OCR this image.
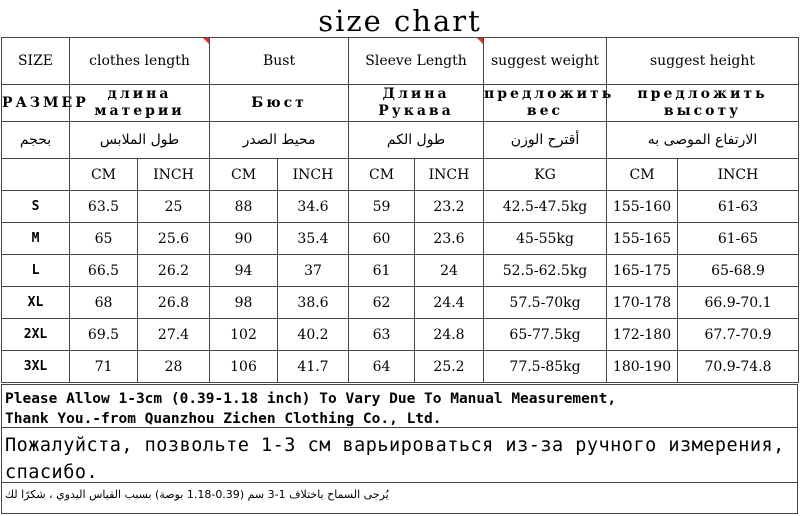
size chart
SIZE	clothes length		Bust		Sleeve Length		suggest weight	suggest height	
РАЗМЕР	длина материи		Бюст		Длина Рукава		предложить вес	предложить высоту	
بحجم	طول الملابس		محيط الصدر		طول الكم		أقترح الوزن	الارتفاع الموصى به	
	CM	INCH	CM	INCH	CM	INCH	KG	CM	INCH
S	63.5	25	88	34.6	59	23.2	42.5-47.5kg	155-160	61-63
M	65	25.6	90	35.4	60	23.6	45-55kg	155-165	61-65
L	66.5	26.2	94	37	61	24	52.5-62.5kg	165-175	65-68.9
XL	68	26.8	98	38.6	62	24.4	57.5-70kg	170-178	66.9-70.1
2XL	69.5	27.4	102	40.2	63	24.8	65-77.5kg	172-180	67.7-70.9
3XL	71	28	106	41.7	64	25.2	77.5-85kg	180-190	70.9-74.8
Please Allow 1-3cm (0.39-1.18 inch) To Vary Due To Manual Measurement,
Thank You.-from Quanzhou Zichen Clothing Co., Ltd.
Пожалуйста, позвольте 1-3 см варьироваться из-за ручного измерения, спасибо.
يُرجى السماح باختلاف 1-3 سم (0.39-1.18 بوصة) بسبب القياس اليدوي ، شكرًا لك
